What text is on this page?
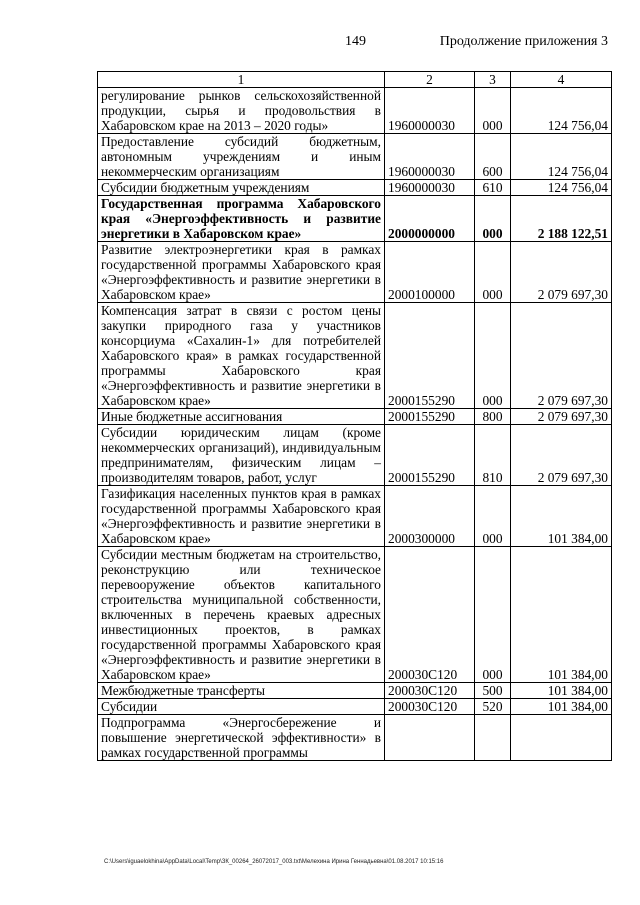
149	Продолжение приложения 3
1	2	3	4
регулирование рынков сельскохозяйственной продукции, сырья и продовольствия в Хабаровском крае на 2013 – 2020 годы»	1960000030	000	124 756,04
Предоставление субсидий бюджетным, автономным учреждениям и иным некоммерческим организациям	1960000030	600	124 756,04
Субсидии бюджетным учреждениям	1960000030	610	124 756,04
Государственная программа Хабаровского края «Энергоэффективность и развитие энергетики в Хабаровском крае»	2000000000	000	2 188 122,51
Развитие электроэнергетики края в рамках государственной программы Хабаровского края «Энергоэффективность и развитие энергетики в Хабаровском крае»	2000100000	000	2 079 697,30
Компенсация затрат в связи с ростом цены закупки природного газа у участников консорциума «Сахалин-1» для потребителей Хабаровского края» в рамках государственной программы Хабаровского края «Энергоэффективность и развитие энергетики в Хабаровском крае»	2000155290	000	2 079 697,30
Иные бюджетные ассигнования	2000155290	800	2 079 697,30
Субсидии юридическим лицам (кроме некоммерческих организаций), индивидуальным предпринимателям, физическим лицам – производителям товаров, работ, услуг	2000155290	810	2 079 697,30
Газификация населенных пунктов края в рамках государственной программы Хабаровского края «Энергоэффективность и развитие энергетики в Хабаровском крае»	2000300000	000	101 384,00
Субсидии местным бюджетам на строительство, реконструкцию или техническое перевооружение объектов капитального строительства муниципальной собственности, включенных в перечень краевых адресных инвестиционных проектов, в рамках государственной программы Хабаровского края «Энергоэффективность и развитие энергетики в Хабаровском крае»	200030С120	000	101 384,00
Межбюджетные трансферты	200030С120	500	101 384,00
Субсидии	200030С120	520	101 384,00
Подпрограмма «Энергосбережение и повышение энергетической эффективности» в рамках государственной программы			
C:\Users\iguaelokhina\AppData\Local\Temp\ЗК_00264_26072017_003.txt\Мелехина Ирина Геннадьевна\01.08.2017 10:15:16
